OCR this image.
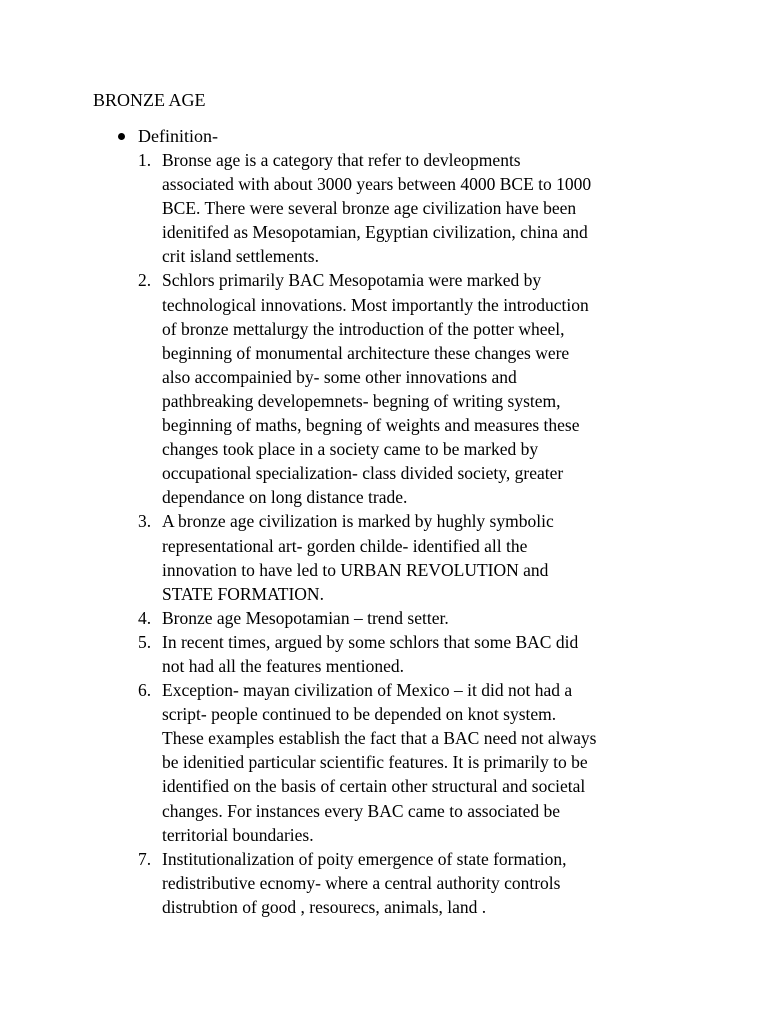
BRONZE AGE
Definition-
1. Bronse age is a category that refer to devleopments
associated with about 3000 years between 4000 BCE to 1000
BCE. There were several bronze age civilization have been
idenitifed as Mesopotamian, Egyptian civilization, china and
crit island settlements.
2. Schlors primarily BAC Mesopotamia were marked by
technological innovations. Most importantly the introduction
of bronze mettalurgy the introduction of the potter wheel,
beginning of monumental architecture these changes were
also accompainied by- some other innovations and
pathbreaking developemnets- begning of writing system,
beginning of maths, begning of weights and measures these
changes took place in a society came to be marked by
occupational specialization- class divided society, greater
dependance on long distance trade.
3. A bronze age civilization is marked by hughly symbolic
representational art- gorden childe- identified all the
innovation to have led to URBAN REVOLUTION and
STATE FORMATION.
4. Bronze age Mesopotamian – trend setter.
5. In recent times, argued by some schlors that some BAC did
not had all the features mentioned.
6. Exception- mayan civilization of Mexico – it did not had a
script- people continued to be depended on knot system.
These examples establish the fact that a BAC need not always
be idenitied particular scientific features. It is primarily to be
identified on the basis of certain other structural and societal
changes. For instances every BAC came to associated be
territorial boundaries.
7. Institutionalization of poity emergence of state formation,
redistributive ecnomy- where a central authority controls
distrubtion of good , resourecs, animals, land .
